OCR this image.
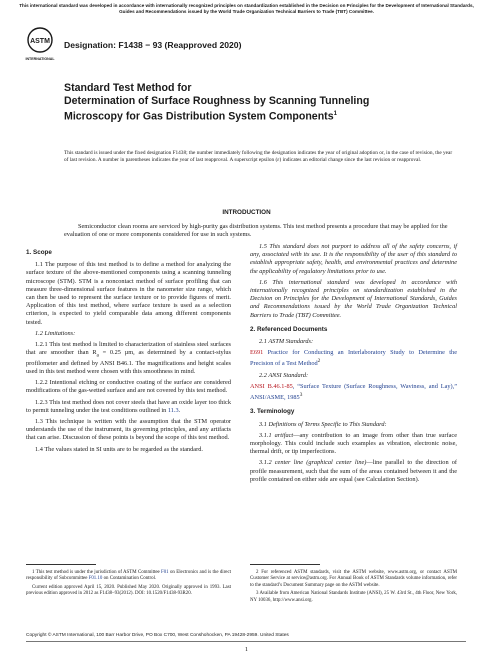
This international standard was developed in accordance with internationally recognized principles on standardization established in the Decision on Principles for the Development of International Standards, Guides and Recommendations issued by the World Trade Organization Technical Barriers to Trade (TBT) Committee.
ASTM
INTERNATIONAL
Designation: F1438 − 93 (Reapproved 2020)
Standard Test Method for
Determination of Surface Roughness by Scanning Tunneling Microscopy for Gas Distribution System Components$^1$
This standard is issued under the fixed designation F1438; the number immediately following the designation indicates the year of original adoption or, in the case of revision, the year of last revision. A number in parentheses indicates the year of last reapproval. A superscript epsilon (ε) indicates an editorial change since the last revision or reapproval.
INTRODUCTION
Semiconductor clean rooms are serviced by high-purity gas distribution systems. This test method presents a procedure that may be applied for the evaluation of one or more components considered for use in such systems.

1. Scope

1.1 The purpose of this test method is to define a method for analyzing the surface texture of the above-mentioned components using a scanning tunneling microscope (STM). STM is a noncontact method of surface profiling that can measure three-dimensional surface features in the nanometer size range, which can then be used to represent the surface texture or to provide figures of merit. Application of this test method, where surface texture is used as a selection criterion, is expected to yield comparable data among different components tested.

1.2 Limitations:

1.2.1 This test method is limited to characterization of stainless steel surfaces that are smoother than $R_a = 0.25$ µm, as determined by a contact-stylus profilometer and defined by ANSI B46.1. The magnifications and height scales used in this test method were chosen with this smoothness in mind.

1.2.2 Intentional etching or conductive coating of the surface are considered modifications of the gas-wetted surface and are not covered by this test method.

1.2.3 This test method does not cover steels that have an oxide layer too thick to permit tunneling under the test conditions outlined in 11.3.

1.3 This technique is written with the assumption that the STM operator understands the use of the instrument, its governing principles, and any artifacts that can arise. Discussion of these points is beyond the scope of this test method.

1.4 The values stated in SI units are to be regarded as the standard.

1.5 This standard does not purport to address all of the safety concerns, if any, associated with its use. It is the responsibility of the user of this standard to establish appropriate safety, health, and environmental practices and determine the applicability of regulatory limitations prior to use.

1.6 This international standard was developed in accordance with internationally recognized principles on standardization established in the Decision on Principles for the Development of International Standards, Guides and Recommendations issued by the World Trade Organization Technical Barriers to Trade (TBT) Committee.

2. Referenced Documents

2.1 ASTM Standards:

E691 Practice for Conducting an Interlaboratory Study to Determine the Precision of a Test Method$^2$

2.2 ANSI Standard:

ANSI B.46.1-85, “Surface Texture (Surface Roughness, Waviness, and Lay),” ANSI/ASME, 1985$^3$

3. Terminology

3.1 Definitions of Terms Specific to This Standard:

3.1.1 artifact—any contribution to an image from other than true surface morphology. This could include such examples as vibration, electronic noise, thermal drift, or tip imperfections.

3.1.2 center line (graphical center line)—line parallel to the direction of profile measurement, such that the sum of the areas contained between it and the profile contained on either side are equal (see Calculation Section).

1 This test method is under the jurisdiction of ASTM Committee F01 on Electronics and is the direct responsibility of Subcommittee F01.10 on Contamination Control.

Current edition approved April 15, 2020. Published May 2020. Originally approved in 1993. Last previous edition approved in 2012 as F1438–93(2012). DOI: 10.1520/F1438-93R20.

2 For referenced ASTM standards, visit the ASTM website, www.astm.org, or contact ASTM Customer Service at service@astm.org. For Annual Book of ASTM Standards volume information, refer to the standard’s Document Summary page on the ASTM website.

3 Available from American National Standards Institute (ANSI), 25 W. 43rd St., 4th Floor, New York, NY 10036, http://www.ansi.org.

Copyright © ASTM International, 100 Barr Harbor Drive, PO Box C700, West Conshohocken, PA 19428-2959. United States
1
